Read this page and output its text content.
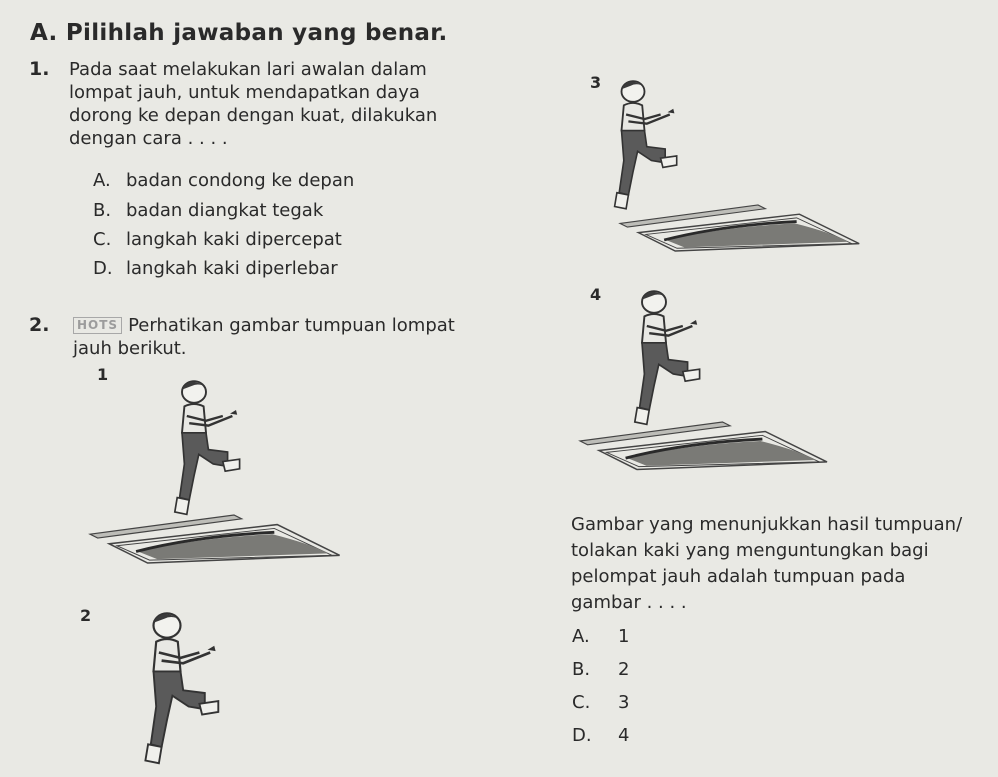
A. Pilihlah jawaban yang benar.
1. Pada saat melakukan lari awalan dalam
lompat jauh, untuk mendapatkan daya
dorong ke depan dengan kuat, dilakukan
dengan cara . . . .
A. badan condong ke depan
B. badan diangkat tegak
C. langkah kaki dipercepat
D. langkah kaki diperlebar
2.	HOTS Perhatikan gambar tumpuan lompat
jauh berikut.
3
4
1
2
Gambar yang menunjukkan hasil tumpuan/
tolakan kaki yang menguntungkan bagi
pelompat jauh adalah tumpuan pada
gambar . . . .
A. 1
B. 2
C. 3
D. 4
